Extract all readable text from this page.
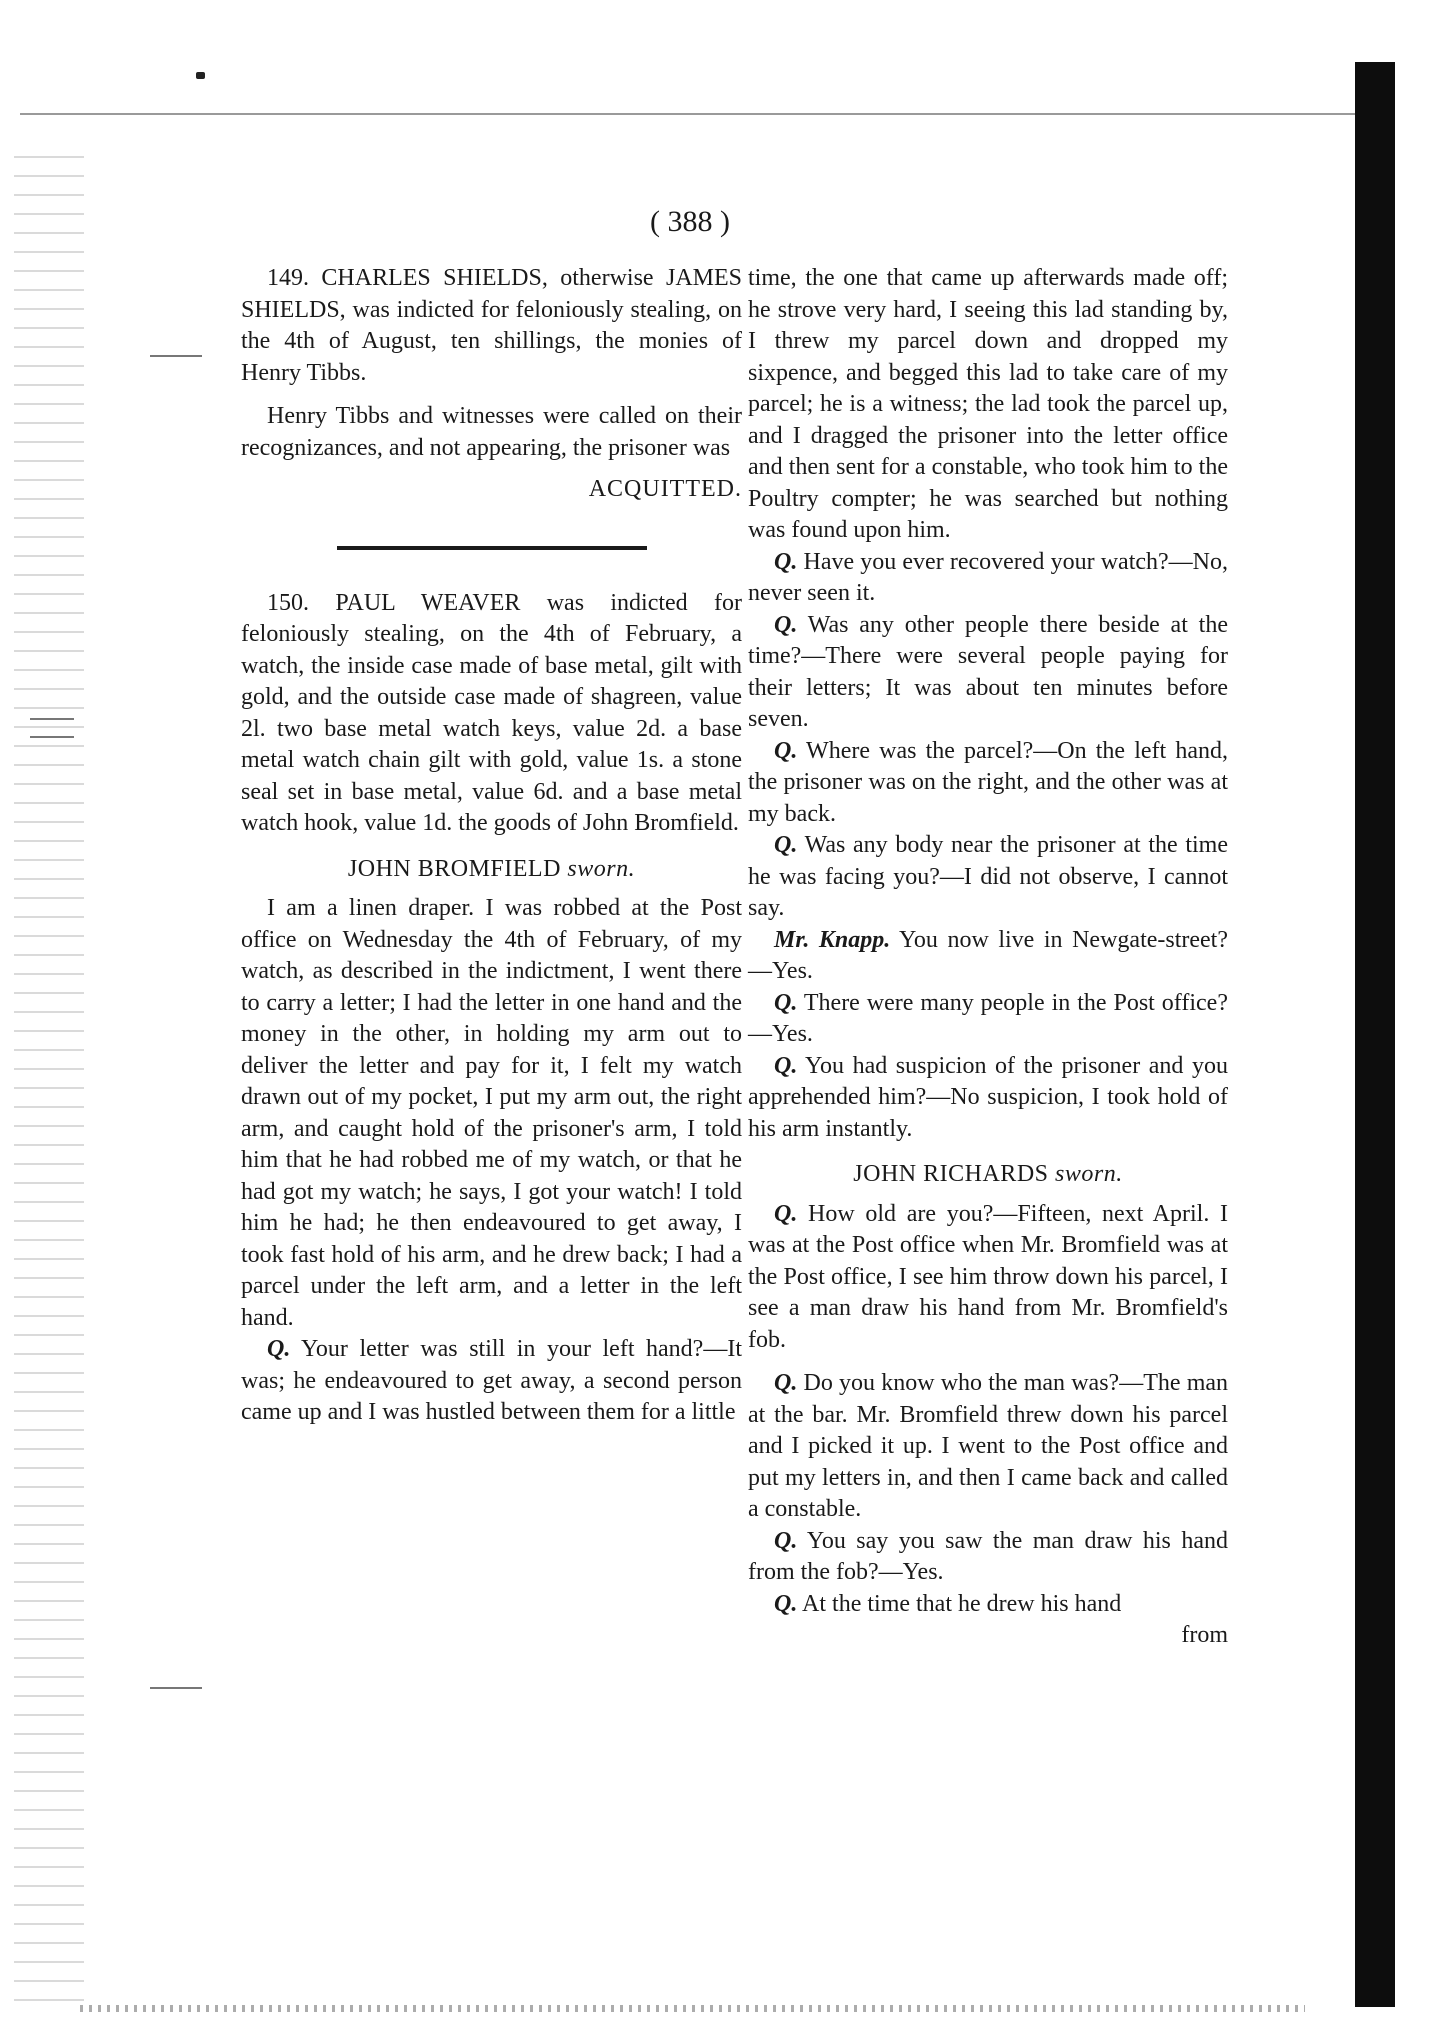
( 388 )

149. CHARLES SHIELDS, otherwise JAMES SHIELDS, was indicted for feloniously stealing, on the 4th of August, ten shillings, the monies of Henry Tibbs.

Henry Tibbs and witnesses were called on their recognizances, and not appearing, the prisoner was

ACQUITTED.

150. PAUL WEAVER was indicted for feloniously stealing, on the 4th of February, a watch, the inside case made of base metal, gilt with gold, and the outside case made of shagreen, value 2l. two base metal watch keys, value 2d. a base metal watch chain gilt with gold, value 1s. a stone seal set in base metal, value 6d. and a base metal watch hook, value 1d. the goods of John Bromfield.

JOHN BROMFIELD sworn.

I am a linen draper. I was robbed at the Post office on Wednesday the 4th of February, of my watch, as described in the indictment, I went there to carry a letter; I had the letter in one hand and the money in the other, in holding my arm out to deliver the letter and pay for it, I felt my watch drawn out of my pocket, I put my arm out, the right arm, and caught hold of the prisoner's arm, I told him that he had robbed me of my watch, or that he had got my watch; he says, I got your watch! I told him he had; he then endeavoured to get away, I took fast hold of his arm, and he drew back; I had a parcel under the left arm, and a letter in the left hand.

Q. Your letter was still in your left hand?—It was; he endeavoured to get away, a second person came up and I was hustled between them for a little

time, the one that came up afterwards made off; he strove very hard, I seeing this lad standing by, I threw my parcel down and dropped my sixpence, and begged this lad to take care of my parcel; he is a witness; the lad took the parcel up, and I dragged the prisoner into the letter office and then sent for a constable, who took him to the Poultry compter; he was searched but nothing was found upon him.

Q. Have you ever recovered your watch?—No, never seen it.

Q. Was any other people there beside at the time?—There were several people paying for their letters; It was about ten minutes before seven.

Q. Where was the parcel?—On the left hand, the prisoner was on the right, and the other was at my back.

Q. Was any body near the prisoner at the time he was facing you?—I did not observe, I cannot say.

Mr. Knapp. You now live in Newgate-street?—Yes.

Q. There were many people in the Post office?—Yes.

Q. You had suspicion of the prisoner and you apprehended him?—No suspicion, I took hold of his arm instantly.

JOHN RICHARDS sworn.

Q. How old are you?—Fifteen, next April. I was at the Post office when Mr. Bromfield was at the Post office, I see him throw down his parcel, I see a man draw his hand from Mr. Bromfield's fob.

Q. Do you know who the man was?—The man at the bar. Mr. Bromfield threw down his parcel and I picked it up. I went to the Post office and put my letters in, and then I came back and called a constable.

Q. You say you saw the man draw his hand from the fob?—Yes.

Q. At the time that he drew his hand

from
